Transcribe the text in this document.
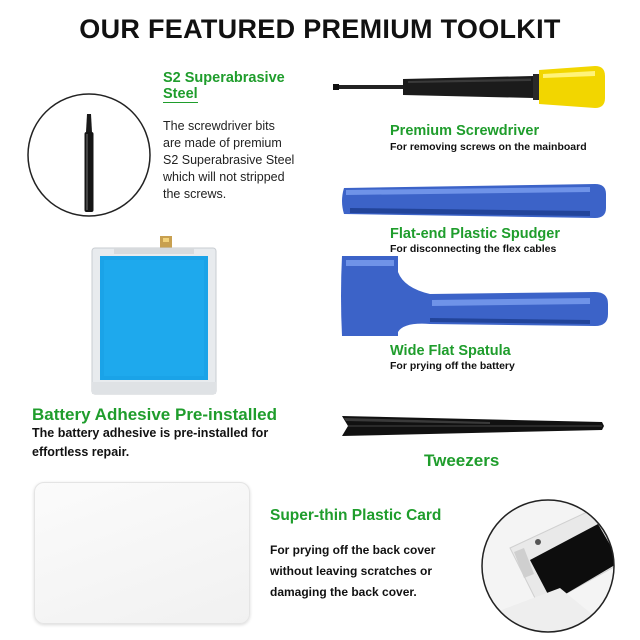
OUR FEATURED PREMIUM TOOLKIT
S2 Superabrasive
Steel
The screwdriver bits
are made of premium
S2 Superabrasive Steel
which will not stripped
the screws.
Premium Screwdriver
For removing screws on the mainboard
Flat-end Plastic Spudger
For disconnecting the flex cables
Wide Flat Spatula
For prying off the battery
Battery Adhesive Pre-installed
The battery adhesive is pre-installed for
effortless repair.	Tweezers
Super-thin Plastic Card
For prying off the back cover
without leaving scratches or
damaging the back cover.
